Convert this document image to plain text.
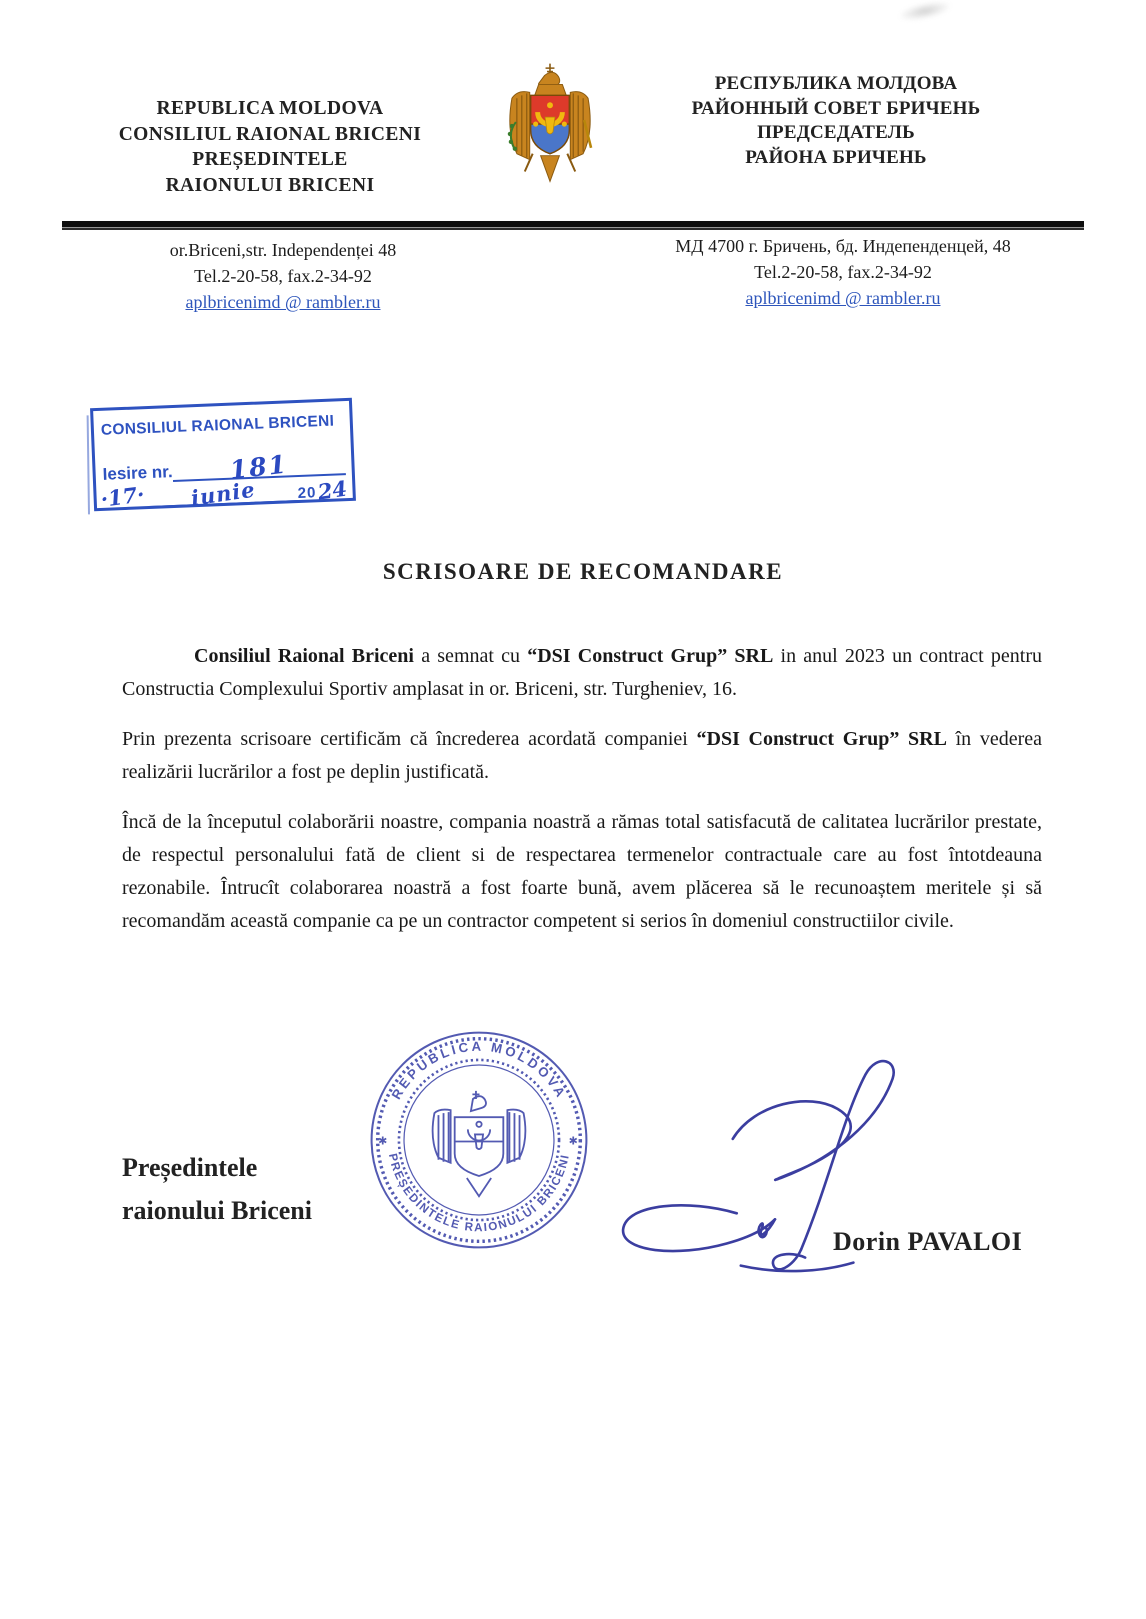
REPUBLICA MOLDOVA
CONSILIUL RAIONAL BRICENI
PREȘEDINTELE
RAIONULUI BRICENI
РЕСПУБЛИКА МОЛДОВА
РАЙОННЫЙ СОВЕТ БРИЧЕНЬ
ПРЕДСЕДАТЕЛЬ
РАЙОНА БРИЧЕНЬ
or.Briceni,str. Independenței 48
Tel.2-20-58, fax.2-34-92
aplbricenimd @ rambler.ru
МД 4700 г. Бричень, бд. Индепенденцей, 48
Tel.2-20-58, fax.2-34-92
aplbricenimd @ rambler.ru
CONSILIUL RAIONAL BRICENI
Iesire nr.	181
·17·	iunie	20 24
SCRISOARE DE RECOMANDARE

Consiliul Raional Briceni a semnat cu “DSI Construct Grup” SRL in anul 2023 un contract pentru Constructia Complexului Sportiv amplasat in or. Briceni, str. Turgheniev, 16.

Prin prezenta scrisoare certificăm că încrederea acordată companiei “DSI Construct Grup” SRL în vederea realizării lucrărilor a fost pe deplin justificată.

Încă de la începutul colaborării noastre, compania noastră a rămas total satisfacută de calitatea lucrărilor prestate, de respectul personalului fată de client si de respectarea termenelor contractuale care au fost întotdeauna rezonabile. Întrucît colaborarea noastră a fost foarte bună, avem plăcerea să le recunoaștem meritele și să recomandăm această companie ca pe un contractor competent si serios în domeniul constructiilor civile.

Președintele
raionului Briceni
REPUBLICA MOLDOVA
PREȘEDINTELE RAIONULUI BRICENI
✱	✱
Dorin PAVALOI
